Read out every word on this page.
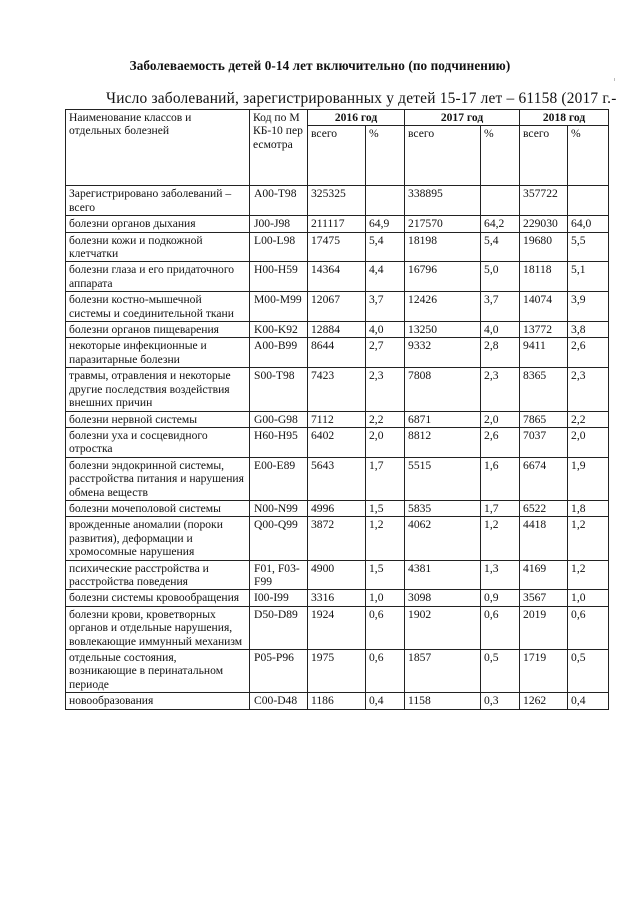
Заболеваемость детей 0-14 лет включительно (по подчинению)
Число заболеваний, зарегистрированных у детей 15-17 лет – 61158 (2017 г.-
Наименование классов и отдельных болезней	Код по МКБ-10 пересмотра	2016 год		2017 год		2018 год	
		всего	%	всего	%	всего	%
Зарегистрировано заболеваний – всего	A00-T98	325325		338895		357722	
болезни органов дыхания	J00-J98	211117	64,9	217570	64,2	229030	64,0
болезни кожи и подкожной клетчатки	L00-L98	17475	5,4	18198	5,4	19680	5,5
болезни глаза и его придаточного аппарата	H00-H59	14364	4,4	16796	5,0	18118	5,1
болезни костно-мышечной системы и соединительной ткани	M00-M99	12067	3,7	12426	3,7	14074	3,9
болезни органов пищеварения	K00-K92	12884	4,0	13250	4,0	13772	3,8
некоторые инфекционные и паразитарные болезни	A00-B99	8644	2,7	9332	2,8	9411	2,6
травмы, отравления и некоторые другие последствия воздействия внешних причин	S00-T98	7423	2,3	7808	2,3	8365	2,3
болезни нервной системы	G00-G98	7112	2,2	6871	2,0	7865	2,2
болезни уха и сосцевидного отростка	H60-H95	6402	2,0	8812	2,6	7037	2,0
болезни эндокринной системы, расстройства питания и нарушения обмена веществ	E00-E89	5643	1,7	5515	1,6	6674	1,9
болезни мочеполовой системы	N00-N99	4996	1,5	5835	1,7	6522	1,8
врожденные аномалии (пороки развития), деформации и хромосомные нарушения	Q00-Q99	3872	1,2	4062	1,2	4418	1,2
психические расстройства и расстройства поведения	F01, F03-F99	4900	1,5	4381	1,3	4169	1,2
болезни системы кровообращения	I00-I99	3316	1,0	3098	0,9	3567	1,0
болезни крови, кроветворных органов и отдельные нарушения, вовлекающие иммунный механизм	D50-D89	1924	0,6	1902	0,6	2019	0,6
отдельные состояния, возникающие в перинатальном периоде	P05-P96	1975	0,6	1857	0,5	1719	0,5
новообразования	C00-D48	1186	0,4	1158	0,3	1262	0,4
